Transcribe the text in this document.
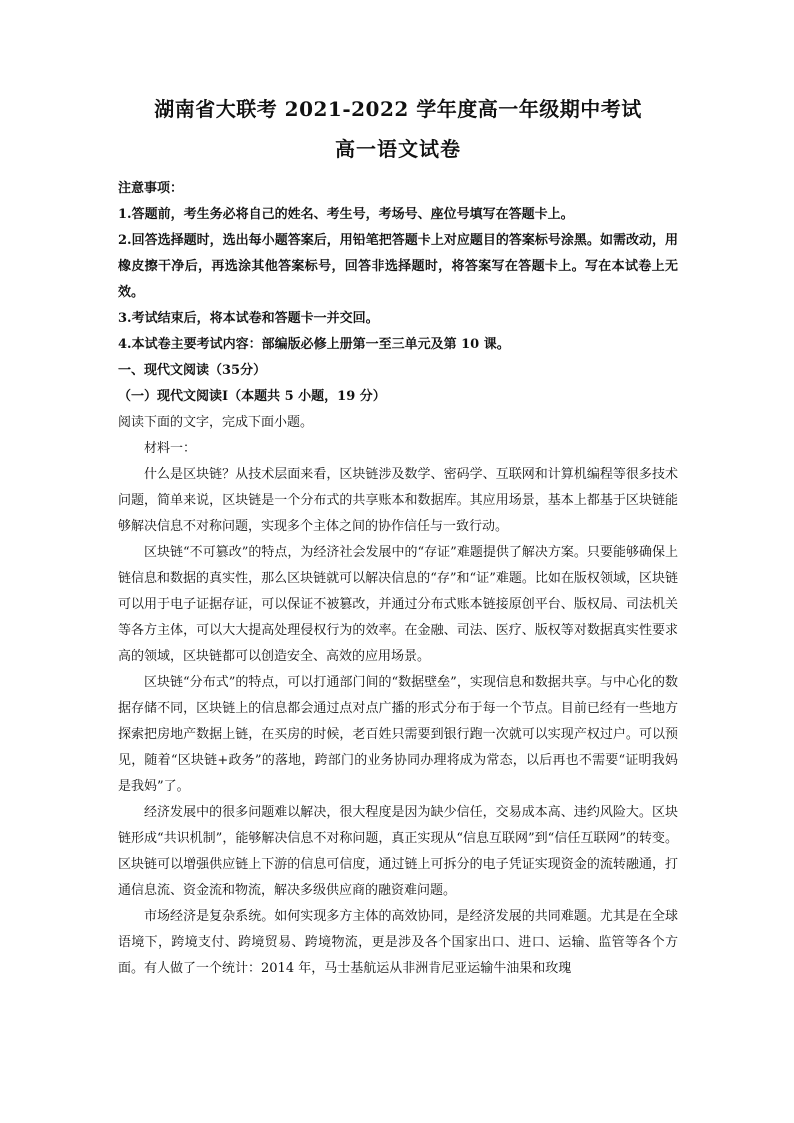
湖南省大联考 2021-2022 学年度高一年级期中考试
高一语文试卷

注意事项：

1.答题前，考生务必将自己的姓名、考生号，考场号、座位号填写在答题卡上。

2.回答选择题时，选出每小题答案后，用铅笔把答题卡上对应题目的答案标号涂黑。如需改动，用橡皮擦干净后，再选涂其他答案标号，回答非选择题时，将答案写在答题卡上。写在本试卷上无效。

3.考试结束后，将本试卷和答题卡一并交回。

4.本试卷主要考试内容：部编版必修上册第一至三单元及第 10 课。

一、现代文阅读（35分）

（一）现代文阅读Ⅰ（本题共 5 小题，19 分）

阅读下面的文字，完成下面小题。

材料一：

什么是区块链？从技术层面来看，区块链涉及数学、密码学、互联网和计算机编程等很多技术问题，简单来说，区块链是一个分布式的共享账本和数据库。其应用场景，基本上都基于区块链能够解决信息不对称问题，实现多个主体之间的协作信任与一致行动。

区块链“不可篡改”的特点，为经济社会发展中的“存证”难题提供了解决方案。只要能够确保上链信息和数据的真实性，那么区块链就可以解决信息的“存”和“证”难题。比如在版权领域，区块链可以用于电子证据存证，可以保证不被篡改，并通过分布式账本链接原创平台、版权局、司法机关等各方主体，可以大大提高处理侵权行为的效率。在金融、司法、医疗、版权等对数据真实性要求高的领域，区块链都可以创造安全、高效的应用场景。

区块链“分布式”的特点，可以打通部门间的“数据壁垒”，实现信息和数据共享。与中心化的数据存储不同，区块链上的信息都会通过点对点广播的形式分布于每一个节点。目前已经有一些地方探索把房地产数据上链，在买房的时候，老百姓只需要到银行跑一次就可以实现产权过户。可以预见，随着“区块链+政务”的落地，跨部门的业务协同办理将成为常态，以后再也不需要“证明我妈是我妈”了。

经济发展中的很多问题难以解决，很大程度是因为缺少信任，交易成本高、违约风险大。区块链形成“共识机制”，能够解决信息不对称问题，真正实现从“信息互联网”到“信任互联网”的转变。区块链可以增强供应链上下游的信息可信度，通过链上可拆分的电子凭证实现资金的流转融通，打通信息流、资金流和物流，解决多级供应商的融资难问题。

市场经济是复杂系统。如何实现多方主体的高效协同，是经济发展的共同难题。尤其是在全球语境下，跨境支付、跨境贸易、跨境物流，更是涉及各个国家出口、进口、运输、监管等各个方面。有人做了一个统计：2014 年，马士基航运从非洲肯尼亚运输牛油果和玫瑰
